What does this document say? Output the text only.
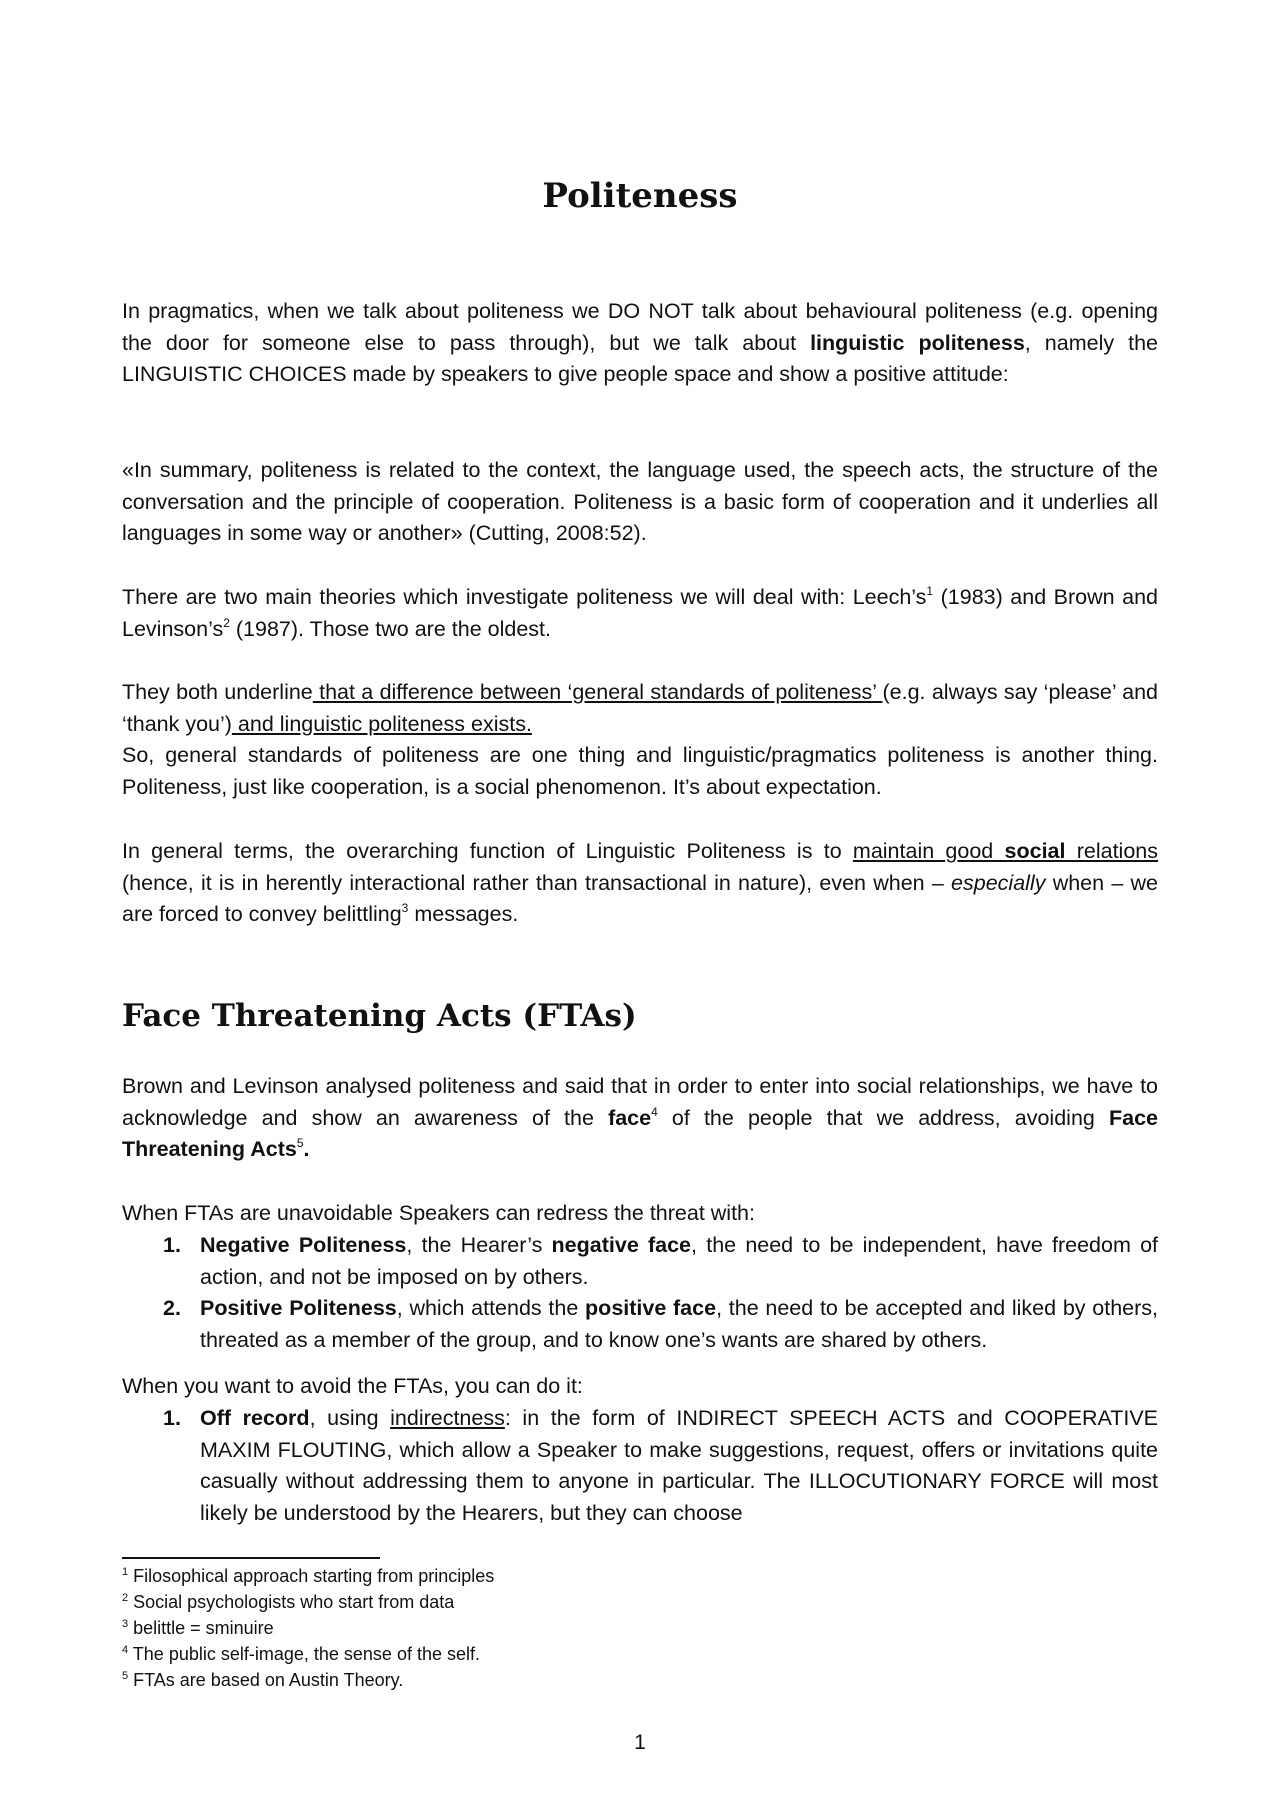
Politeness

In pragmatics, when we talk about politeness we DO NOT talk about behavioural politeness (e.g. opening the door for someone else to pass through), but we talk about linguistic politeness, namely the LINGUISTIC CHOICES made by speakers to give people space and show a positive attitude:

«In summary, politeness is related to the context, the language used, the speech acts, the structure of the conversation and the principle of cooperation. Politeness is a basic form of cooperation and it underlies all languages in some way or another» (Cutting, 2008:52).

There are two main theories which investigate politeness we will deal with: $Leech’s^1$ (1983) and Brown and $Levinson’s^2$ (1987). Those two are the oldest.

They both underline that a difference between ‘general standards of politeness’ (e.g. always say ‘please’ and ‘thank you’) and linguistic politeness exists.

So, general standards of politeness are one thing and linguistic/pragmatics politeness is another thing. Politeness, just like cooperation, is a social phenomenon. It’s about expectation.

In general terms, the overarching function of Linguistic Politeness is to maintain good social relations (hence, it is in herently interactional rather than transactional in nature), even when – especially when – we are forced to convey belittling$^3$ messages.

Face Threatening Acts (FTAs)

Brown and Levinson analysed politeness and said that in order to enter into social relationships, we have to acknowledge and show an awareness of the face$^4$ of the people that we address, avoiding Face Threatening Acts$^5$.

When FTAs are unavoidable Speakers can redress the threat with:

1. Negative Politeness, the Hearer’s negative face, the need to be independent, have freedom of action, and not be imposed on by others.
2. Positive Politeness, which attends the positive face, the need to be accepted and liked by others, threated as a member of the group, and to know one’s wants are shared by others.

When you want to avoid the FTAs, you can do it:

1. Off record, using indirectness: in the form of INDIRECT SPEECH ACTS and COOPERATIVE MAXIM FLOUTING, which allow a Speaker to make suggestions, request, offers or invitations quite casually without addressing them to anyone in particular. The ILLOCUTIONARY FORCE will most likely be understood by the Hearers, but they can choose
$^1$ Filosophical approach starting from principles
$^2$ Social psychologists who start from data
$^3$ belittle = sminuire
$^4$ The public self-image, the sense of the self.
$^5$ FTAs are based on Austin Theory.
1
